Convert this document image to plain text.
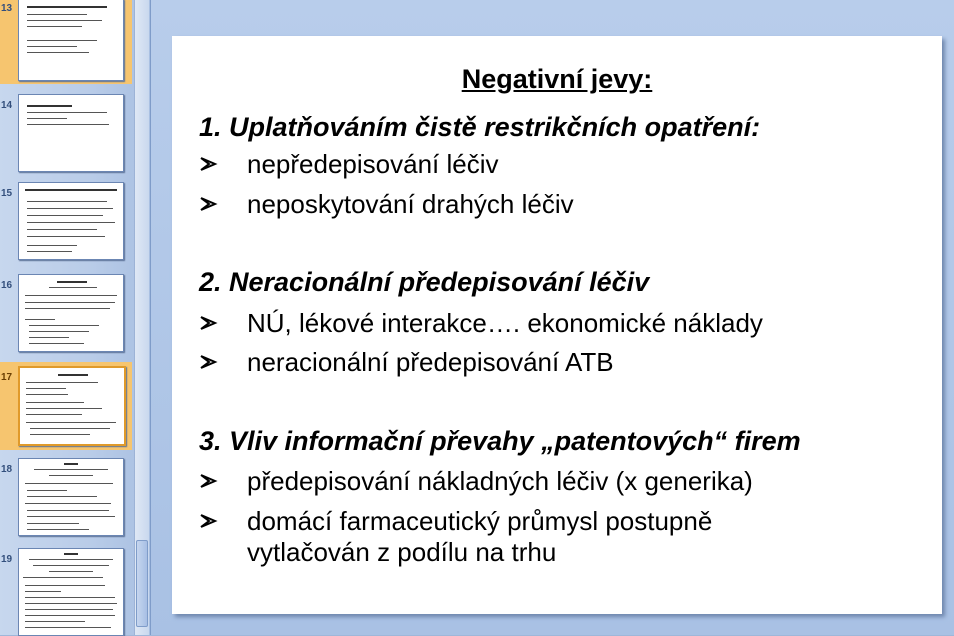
13
14
15
16
17
18
19
Negativní jevy:
1. Uplatňováním čistě restrikčních opatření:
nepředepisování léčiv
neposkytování drahých léčiv
2. Neracionální předepisování léčiv
NÚ, lékové interakce…. ekonomické náklady
neracionální předepisování ATB
3. Vliv informační převahy „patentových“ firem
předepisování nákladných léčiv (x generika)
domácí farmaceutický průmysl postupně
vytlačován z podílu na trhu
